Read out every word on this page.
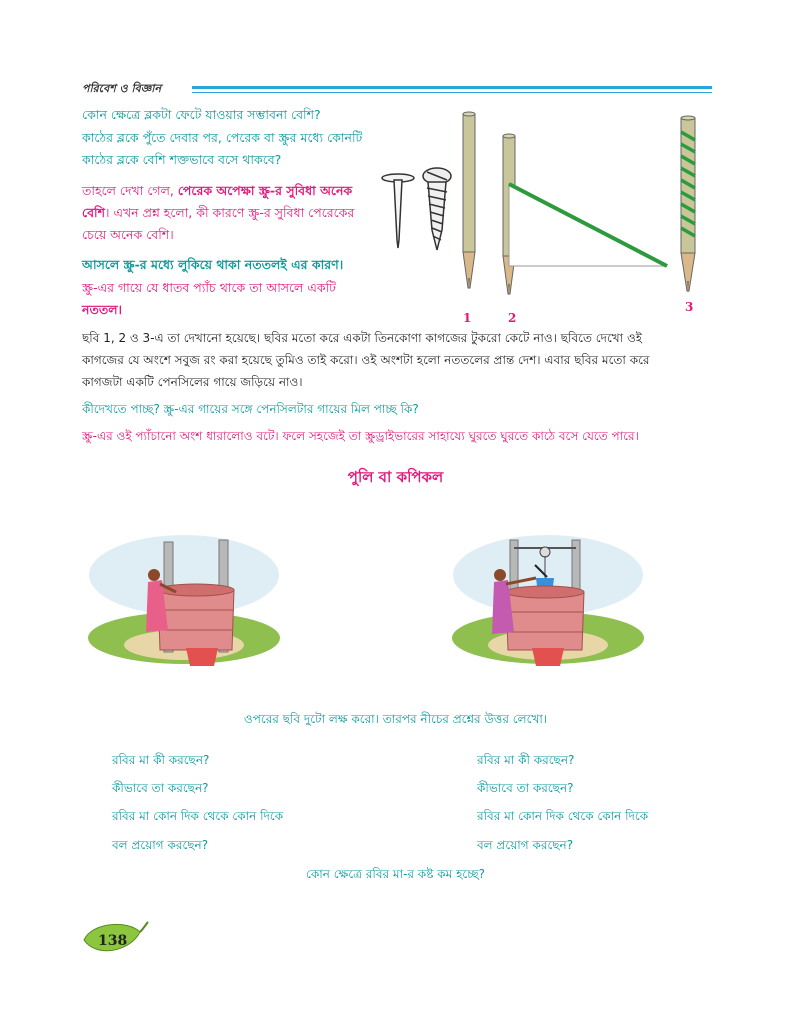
পরিবেশ ও বিজ্ঞান
কোন ক্ষেত্রে ব্লকটা ফেটে যাওয়ার সম্ভাবনা বেশি?
কাঠের ব্লকে পুঁতে দেবার পর, পেরেক বা স্ক্রুর মধ্যে কোনটি
কাঠের ব্লকে বেশি শক্তভাবে বসে থাকবে?
তাহলে দেখা গেল, পেরেক অপেক্ষা স্ক্রু-র সুবিধা অনেক
বেশি। এখন প্রশ্ন হলো, কী কারণে স্ক্রু-র সুবিধা পেরেকের
চেয়ে অনেক বেশি।
আসলে স্ক্রু-র মধ্যে লুকিয়ে থাকা নততলই এর কারণ।
স্ক্রু-এর গায়ে যে ধাতব প্যাঁচ থাকে তা আসলে একটি
নততল।
1	2
3
ছবি 1, 2 ও 3-এ তা দেখানো হয়েছে। ছবির মতো করে একটা তিনকোণা কাগজের টুকরো কেটে নাও। ছবিতে দেখো ওই
কাগজের যে অংশে সবুজ রং করা হয়েছে তুমিও তাই করো। ওই অংশটা হলো নততলের প্রান্ত দেশ। এবার ছবির মতো করে
কাগজটা একটি পেনসিলের গায়ে জড়িয়ে নাও।
কীদেখতে পাচ্ছ? স্ক্রু-এর গায়ের সঙ্গে পেনসিলটার গায়ের মিল পাচ্ছ কি?
স্ক্রু-এর ওই প্যাঁচানো অংশ ধারালোও বটে। ফলে সহজেই তা স্ক্রুড্রাইভারের সাহায্যে ঘুরতে ঘুরতে কাঠে বসে যেতে পারে।
পুলি বা কপিকল
ওপরের ছবি দুটো লক্ষ করো। তারপর নীচের প্রশ্নের উত্তর লেখো।
রবির মা কী করছেন?
কীভাবে তা করছেন?
রবির মা কোন দিক থেকে কোন দিকে
বল প্রয়োগ করছেন?
রবির মা কী করছেন?
কীভাবে তা করছেন?
রবির মা কোন দিক থেকে কোন দিকে
বল প্রয়োগ করছেন?
কোন ক্ষেত্রে রবির মা-র কষ্ট কম হচ্ছে?
138
